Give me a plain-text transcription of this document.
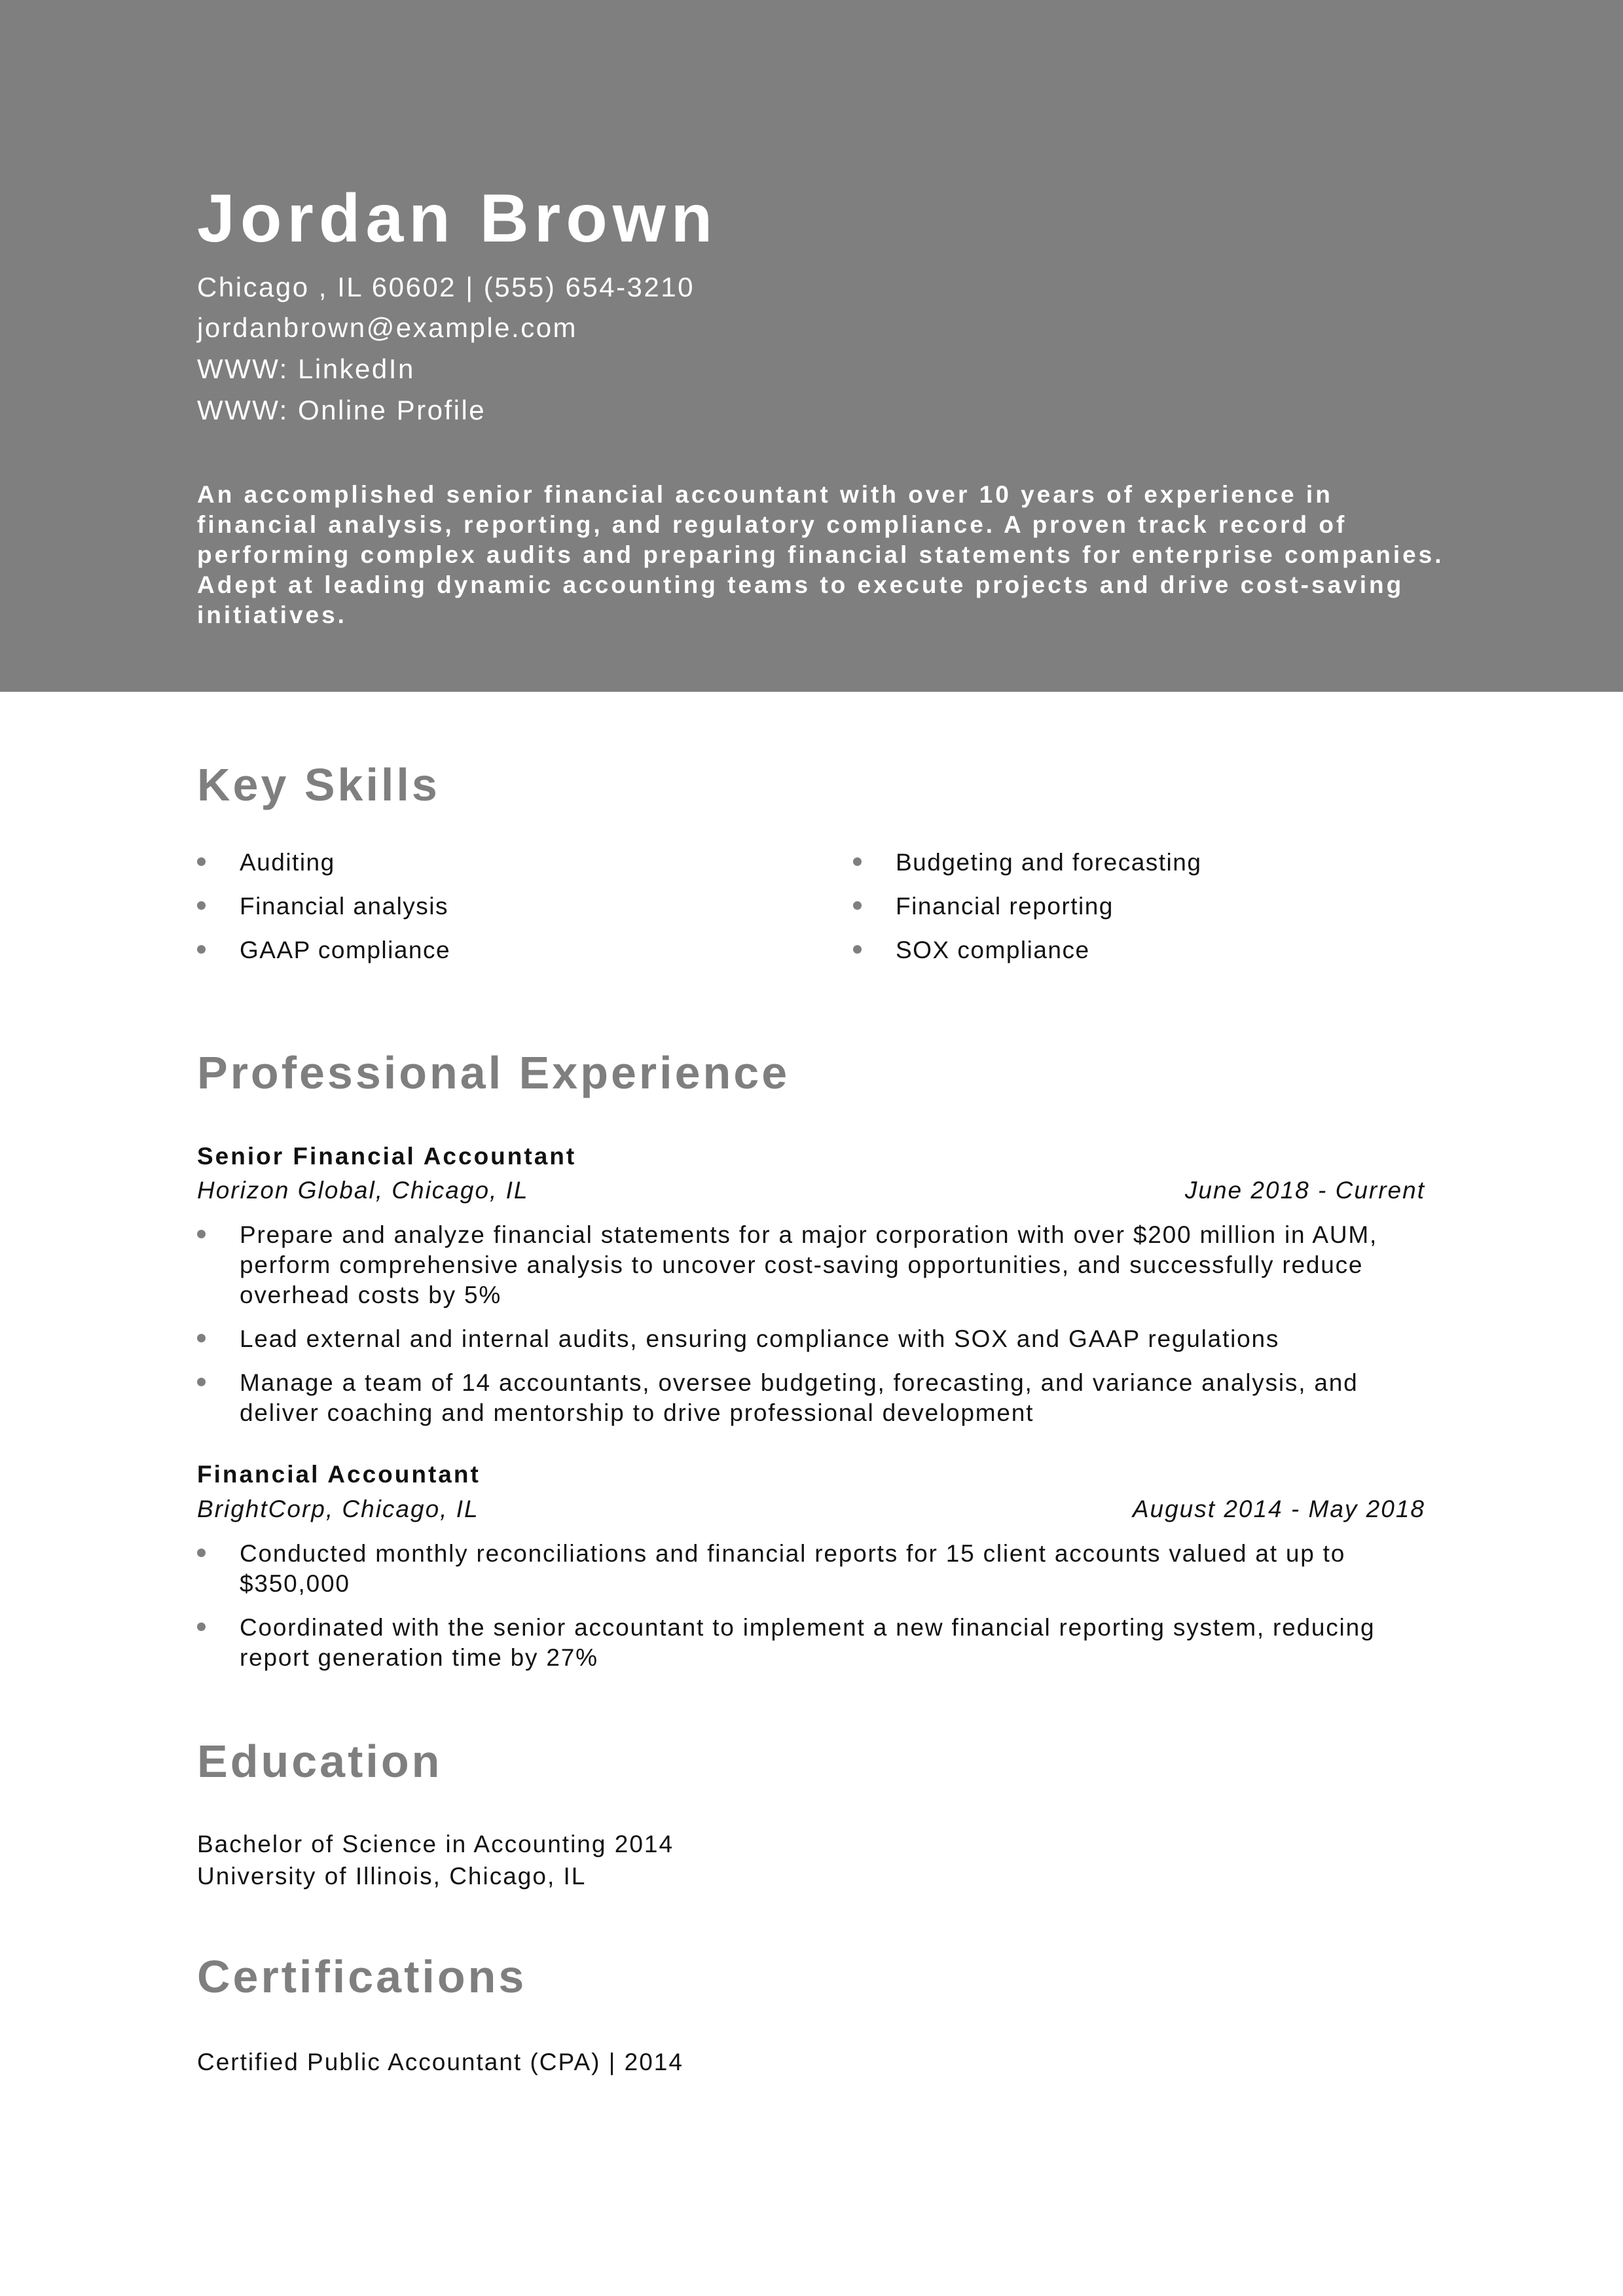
Jordan Brown
Chicago , IL 60602 | (555) 654-3210
jordanbrown@example.com
WWW: LinkedIn
WWW: Online Profile
An accomplished senior financial accountant with over 10 years of experience in financial analysis, reporting, and regulatory compliance. A proven track record of performing complex audits and preparing financial statements for enterprise companies. Adept at leading dynamic accounting teams to execute projects and drive cost-saving initiatives.
Key Skills
Auditing
Financial analysis
GAAP compliance
Budgeting and forecasting
Financial reporting
SOX compliance
Professional Experience
Senior Financial Accountant
Horizon Global, Chicago, IL	June 2018 - Current
Prepare and analyze financial statements for a major corporation with over $200 million in AUM, perform comprehensive analysis to uncover cost-saving opportunities, and successfully reduce overhead costs by 5%
Lead external and internal audits, ensuring compliance with SOX and GAAP regulations
Manage a team of 14 accountants, oversee budgeting, forecasting, and variance analysis, and deliver coaching and mentorship to drive professional development
Financial Accountant
BrightCorp, Chicago, IL	August 2014 - May 2018
Conducted monthly reconciliations and financial reports for 15 client accounts valued at up to $350,000
Coordinated with the senior accountant to implement a new financial reporting system, reducing report generation time by 27%
Education
Bachelor of Science in Accounting 2014
University of Illinois, Chicago, IL
Certifications
Certified Public Accountant (CPA) | 2014
